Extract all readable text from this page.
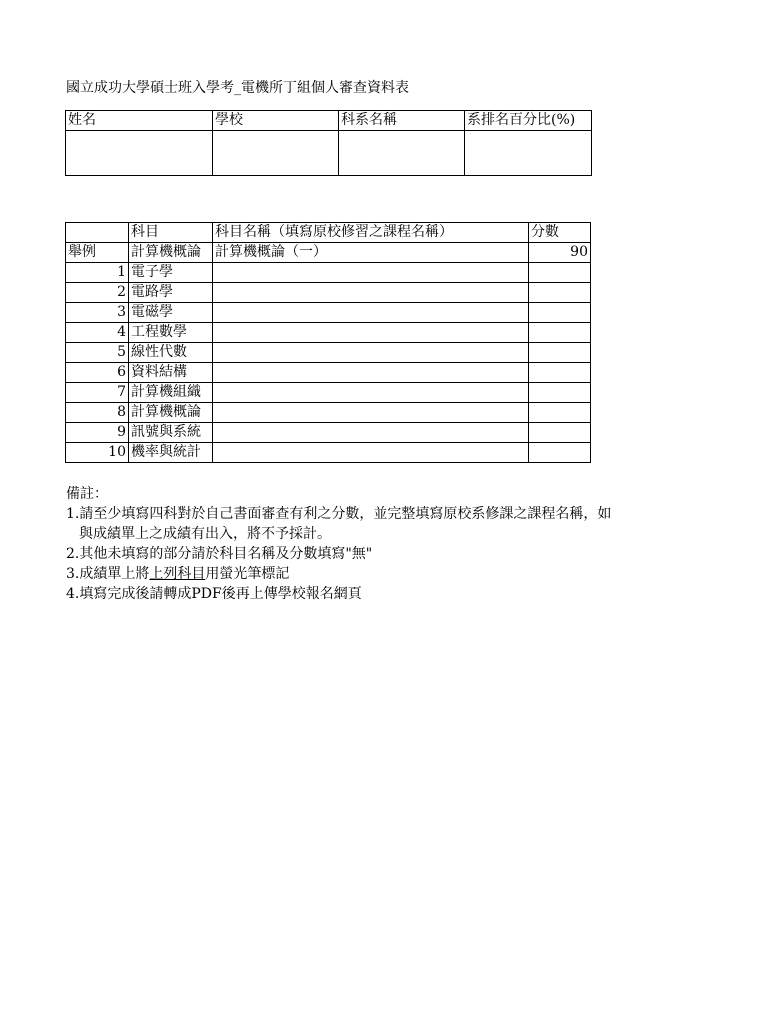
國立成功大學碩士班入學考_電機所丁組個人審查資料表
姓名	學校	科系名稱	系排名百分比(%)

	科目	科目名稱（填寫原校修習之課程名稱）	分數
舉例	計算機概論	計算機概論（一）	90
1	電子學		
2	電路學		
3	電磁學		
4	工程數學		
5	線性代數		
6	資料結構		
7	計算機組織		
8	計算機概論		
9	訊號與系統		
10	機率與統計		
備註：
1.請至少填寫四科對於自己書面審查有利之分數，並完整填寫原校系修課之課程名稱，如
與成績單上之成績有出入，將不予採計。
2.其他未填寫的部分請於科目名稱及分數填寫"無"
3.成績單上將上列科目用螢光筆標記
4.填寫完成後請轉成PDF後再上傳學校報名網頁
